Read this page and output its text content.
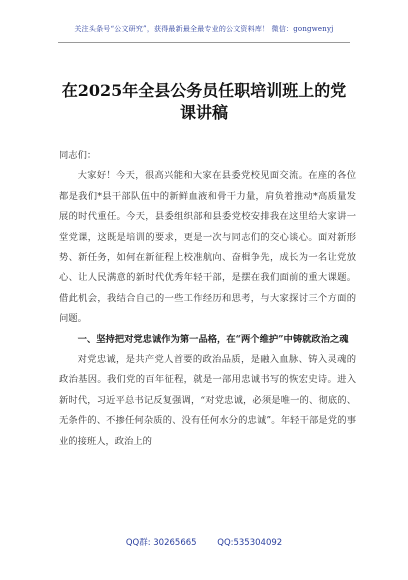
关注头条号“公文研究”，获得最新最全最专业的公文资料库！ 微信：gongwenyj
在2025年全县公务员任职培训班上的党课讲稿

同志们：

大家好！今天，很高兴能和大家在县委党校见面交流。在座的各位都是我们*县干部队伍中的新鲜血液和骨干力量，肩负着推动*高质量发展的时代重任。今天，县委组织部和县委党校安排我在这里给大家讲一堂党课，这既是培训的要求，更是一次与同志们的交心谈心。面对新形势、新任务，如何在新征程上校准航向、奋楫争先，成长为一名让党放心、让人民满意的新时代优秀年轻干部，是摆在我们面前的重大课题。借此机会，我结合自己的一些工作经历和思考，与大家探讨三个方面的问题。

一、坚持把对党忠诚作为第一品格，在“两个维护”中铸就政治之魂

对党忠诚，是共产党人首要的政治品质，是融入血脉、铸入灵魂的政治基因。我们党的百年征程，就是一部用忠诚书写的恢宏史诗。进入新时代，习近平总书记反复强调，“对党忠诚，必须是唯一的、彻底的、无条件的、不掺任何杂质的、没有任何水分的忠诚”。年轻干部是党的事业的接班人，政治上的

QQ群: 30265665 QQ:535304092
